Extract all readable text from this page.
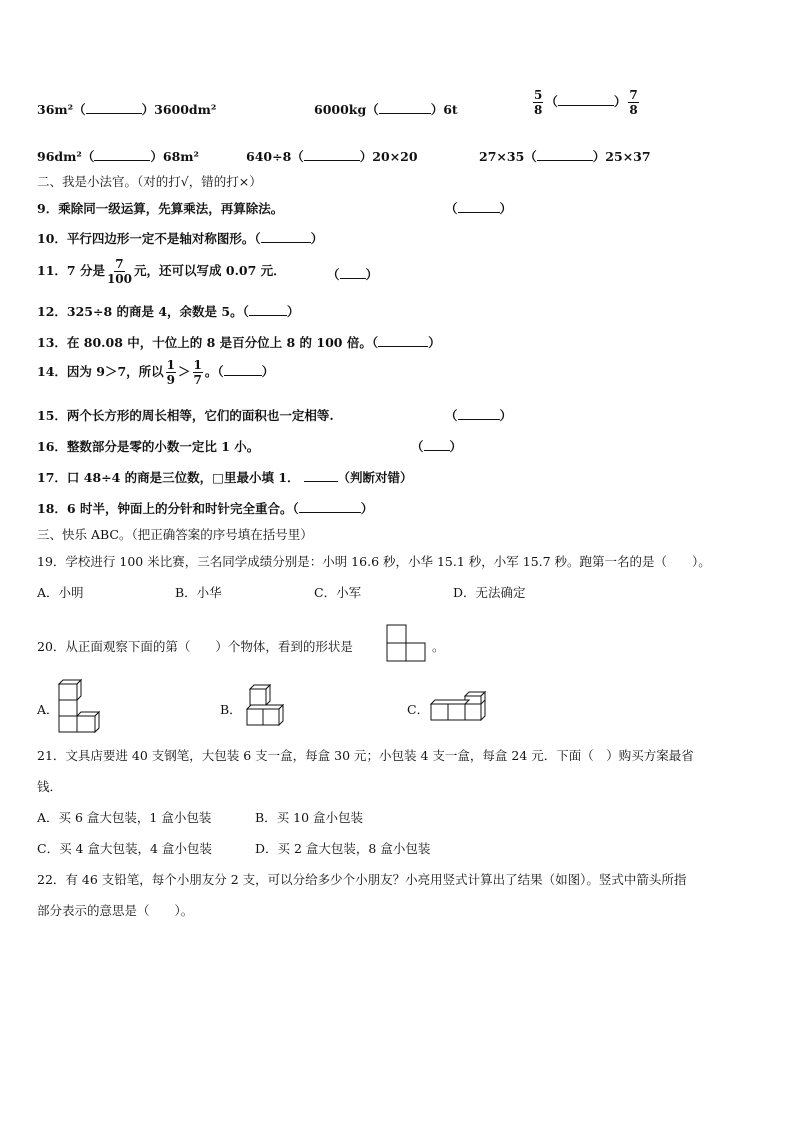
36m²（	）3600dm²	6000kg（	）6t	$\frac{5}{8}$ （	） $\frac{7}{8}$
96dm²（	）68m²	640÷8（	）20×20	27×35（	）25×37
二、我是小法官。（对的打√，错的打×）
9．乘除同一级运算，先算乘法，再算除法。	（	）
10．平行四边形一定不是轴对称图形。（	）
11．7 分是 $\frac{7}{100}$ 元，还可以写成 0.07 元．	（ ）
12．325÷8 的商是 4，余数是 5。（	）
13．在 80.08 中，十位上的 8 是百分位上 8 的 100 倍。（	）
14．因为 9＞7，所以 $\frac{1}{9} > \frac{1}{7}$ 。（	）
15．两个长方形的周长相等，它们的面积也一定相等.	（	）
16．整数部分是零的小数一定比 1 小。	（ ）
17．口 48÷4 的商是三位数，□里最小填 1．	（判断对错）
18．6 时半，钟面上的分针和时针完全重合。（	）
三、快乐 ABC。（把正确答案的序号填在括号里）
19．学校进行 100 米比赛，三名同学成绩分别是：小明 16.6 秒，小华 15.1 秒，小军 15.7 秒。跑第一名的是（　　）。
A．小明	B．小华	C．小军	D．无法确定
20．从正面观察下面的第（　　）个物体，看到的形状是	。
A．	B．	C．
21．文具店要进 40 支钢笔，大包装 6 支一盒，每盒 30 元；小包装 4 支一盒，每盒 24 元．下面（　）购买方案最省
钱．
A．买 6 盒大包装，1 盒小包装	B．买 10 盒小包装
C．买 4 盒大包装，4 盒小包装	D．买 2 盒大包装，8 盒小包装
22．有 46 支铅笔，每个小朋友分 2 支，可以分给多少个小朋友？小亮用竖式计算出了结果（如图）。竖式中箭头所指
部分表示的意思是（　　）。
